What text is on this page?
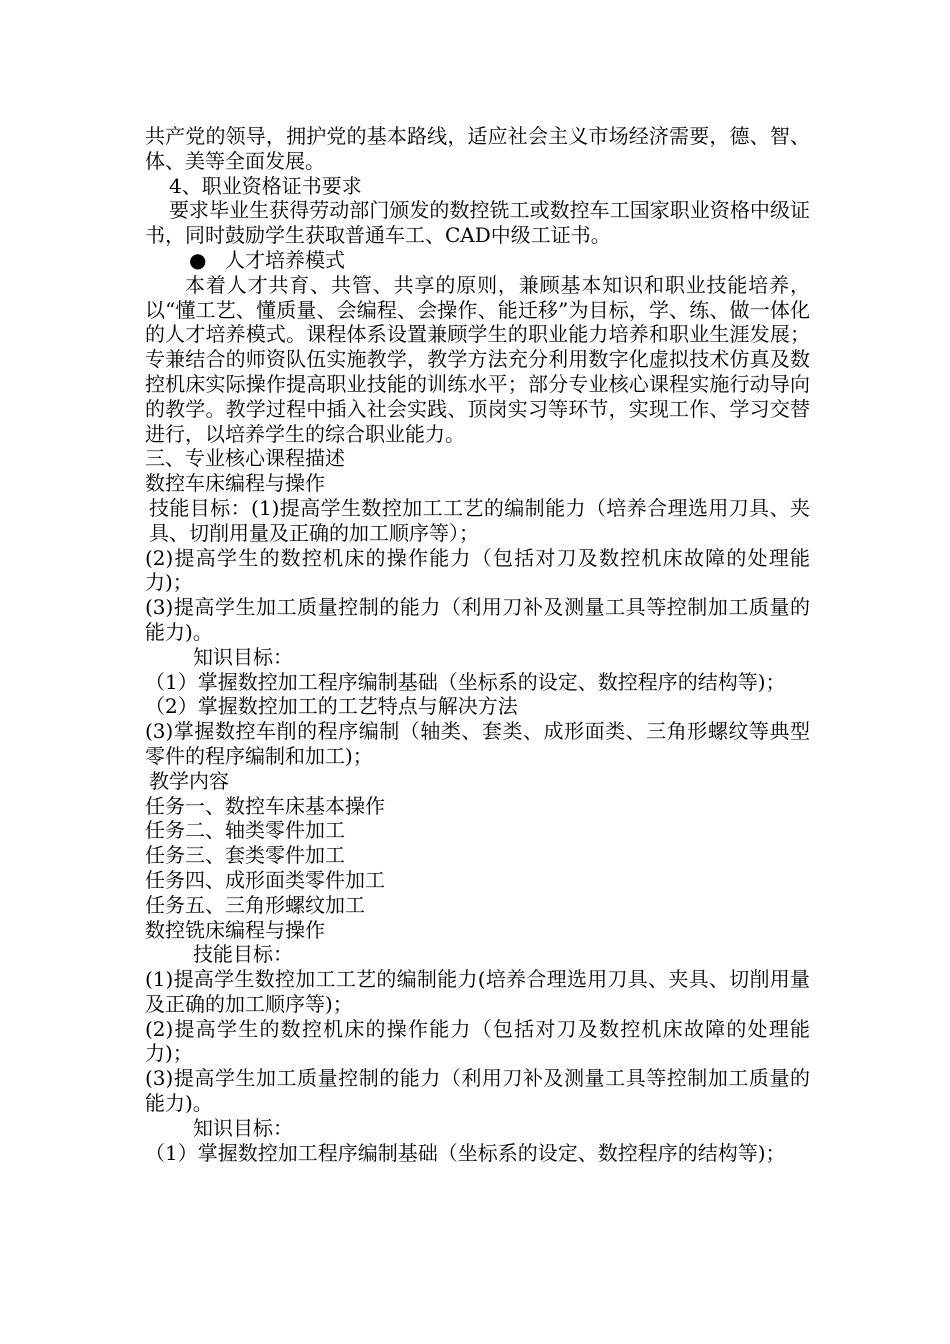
共产党的领导，拥护党的基本路线，适应社会主义市场经济需要，德、智、体、美等全面发展。

4、职业资格证书要求

要求毕业生获得劳动部门颁发的数控铣工或数控车工国家职业资格中级证书，同时鼓励学生获取普通车工、CAD中级工证书。

● 人才培养模式

本着人才共育、共管、共享的原则，兼顾基本知识和职业技能培养，以“懂工艺、懂质量、会编程、会操作、能迁移”为目标，学、练、做一体化的人才培养模式。课程体系设置兼顾学生的职业能力培养和职业生涯发展；专兼结合的师资队伍实施教学，教学方法充分利用数字化虚拟技术仿真及数控机床实际操作提高职业技能的训练水平；部分专业核心课程实施行动导向的教学。教学过程中插入社会实践、顶岗实习等环节，实现工作、学习交替进行，以培养学生的综合职业能力。

三、专业核心课程描述

数控车床编程与操作

技能目标：(1)提高学生数控加工工艺的编制能力（培养合理选用刀具、夹具、切削用量及正确的加工顺序等）；

(2)提高学生的数控机床的操作能力（包括对刀及数控机床故障的处理能力)；

(3)提高学生加工质量控制的能力（利用刀补及测量工具等控制加工质量的能力)。

知识目标：

（1）掌握数控加工程序编制基础（坐标系的设定、数控程序的结构等)；

（2）掌握数控加工的工艺特点与解决方法

(3)掌握数控车削的程序编制（轴类、套类、成形面类、三角形螺纹等典型零件的程序编制和加工)；

教学内容

任务一、数控车床基本操作

任务二、轴类零件加工

任务三、套类零件加工

任务四、成形面类零件加工

任务五、三角形螺纹加工

数控铣床编程与操作

技能目标：

(1)提高学生数控加工工艺的编制能力(培养合理选用刀具、夹具、切削用量及正确的加工顺序等)；

(2)提高学生的数控机床的操作能力（包括对刀及数控机床故障的处理能力)；

(3)提高学生加工质量控制的能力（利用刀补及测量工具等控制加工质量的能力)。

知识目标：

（1）掌握数控加工程序编制基础（坐标系的设定、数控程序的结构等)；
